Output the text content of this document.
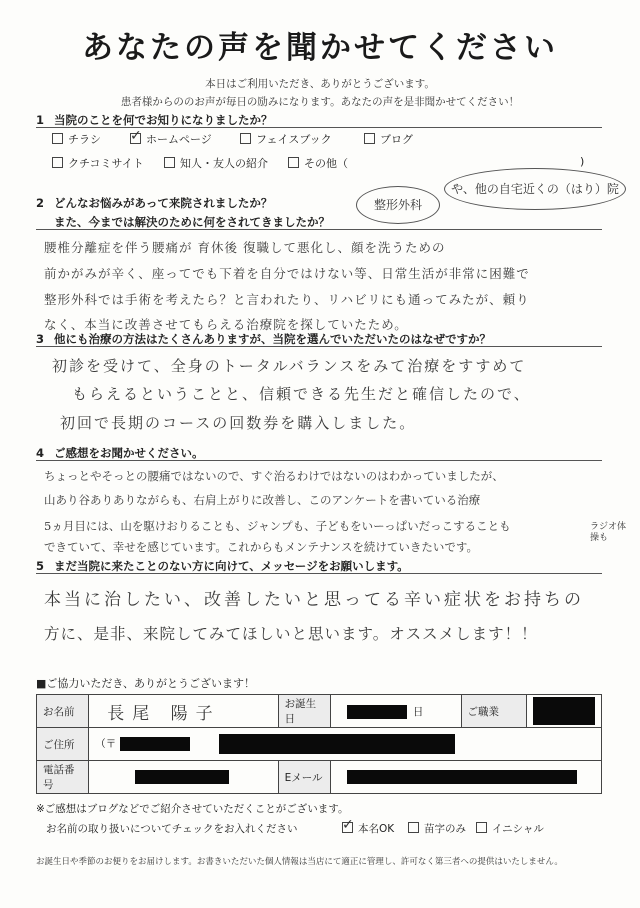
あなたの声を聞かせてください
本日はご利用いただき、ありがとうございます。
患者様からののお声が毎日の励みになります。あなたの声を是非聞かせてください！
1 当院のことを何でお知りになりましたか？
チラシ ✓	ホームページ	フェイスブック	ブログ
クチコミサイト	知人・友人の紹介	その他（	)
2 どんなお悩みがあって来院されましたか？
また、今までは解決のために何をされてきましたか？
整形外科
や、他の自宅近くの（はり）院
腰椎分離症を伴う腰痛が 育休後 復職して悪化し、顔を洗うための
前かがみが辛く、座ってでも下着を自分ではけない等、日常生活が非常に困難で
整形外科では手術を考えたら？と言われたり、リハビリにも通ってみたが、頼り
なく、本当に改善させてもらえる治療院を探していたため。
3 他にも治療の方法はたくさんありますが、当院を選んでいただいたのはなぜですか？
初診を受けて、全身のトータルバランスをみて治療をすすめて
もらえるということと、信頼できる先生だと確信したので、
初回で長期のコースの回数券を購入しました。
4 ご感想をお聞かせください。
ちょっとやそっとの腰痛ではないので、すぐ治るわけではないのはわかっていましたが、
山あり谷ありありながらも、右肩上がりに改善し、このアンケートを書いている治療
5ヵ月目には、山を駆けおりることも、ジャンプも、子どもをいーっぱいだっこすることも
できていて、幸せを感じています。これからもメンテナンスを続けていきたいです。
ラジオ体操も
5 まだ当院に来たことのない方に向けて、メッセージをお願いします。
本当に治したい、改善したいと思ってる辛い症状をお持ちの
方に、是非、来院してみてほしいと思います。オススメします！！
■ご協力いただき、ありがとうございます！
お名前	長尾 陽子	お誕生日	日	ご職業	
ご住所	（〒				
電話番号		Eメール			
※ご感想はブログなどでご紹介させていただくことがございます。
お名前の取り扱いについてチェックをお入れください ✓	本名OK	苗字のみ	イニシャル
お誕生日や季節のお便りをお届けします。お書きいただいた個人情報は当店にて適正に管理し、許可なく第三者への提供はいたしません。
